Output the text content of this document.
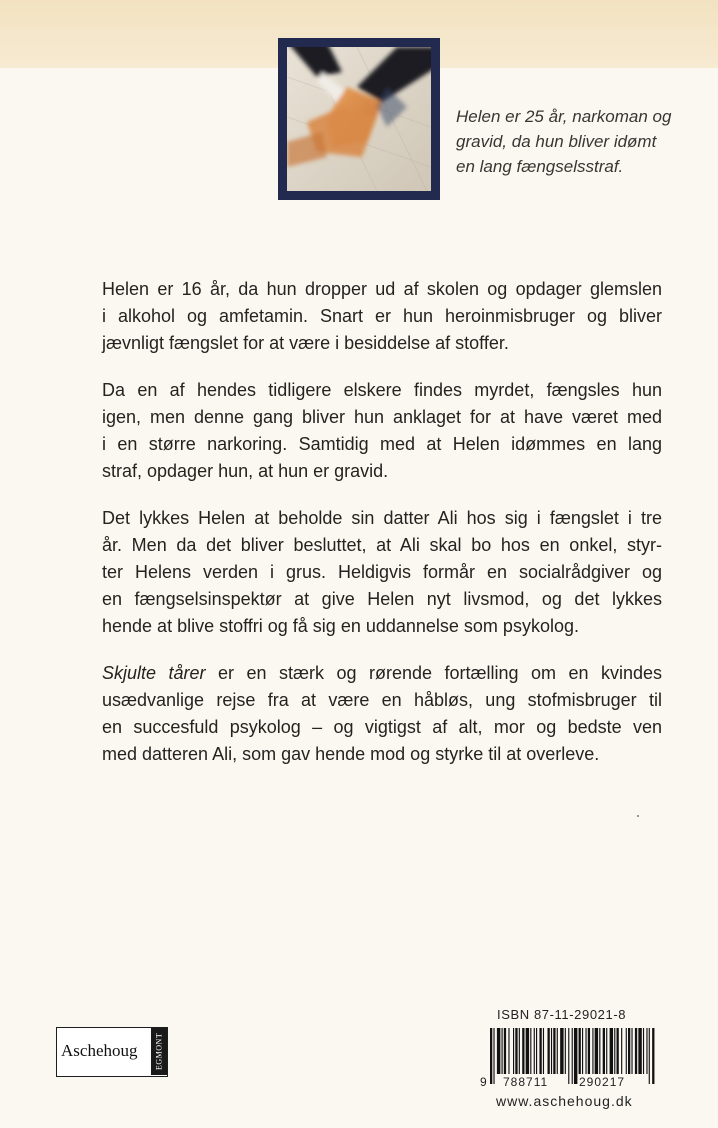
Helen er 25 år, narkoman og
gravid, da hun bliver idømt
en lang fængselsstraf.

Helen er 16 år, da hun dropper ud af skolen og opdager glemslen
i alkohol og amfetamin. Snart er hun heroinmisbruger og bliver
jævnligt fængslet for at være i besiddelse af stoffer.

Da en af hendes tidligere elskere findes myrdet, fængsles hun
igen, men denne gang bliver hun anklaget for at have været med
i en større narkoring. Samtidig med at Helen idømmes en lang
straf, opdager hun, at hun er gravid.

Det lykkes Helen at beholde sin datter Ali hos sig i fængslet i tre
år. Men da det bliver besluttet, at Ali skal bo hos en onkel, styr-
ter Helens verden i grus. Heldigvis formår en socialrådgiver og
en fængselsinspektør at give Helen nyt livsmod, og det lykkes
hende at blive stoffri og få sig en uddannelse som psykolog.

Skjulte tårer er en stærk og rørende fortælling om en kvindes
usædvanlige rejse fra at være en håbløs, ung stofmisbruger til
en succesfuld psykolog – og vigtigst af alt, mor og bedste ven
med datteren Ali, som gav hende mod og styrke til at overleve.

Aschehoug	EGMONT
ISBN 87-11-29021-8
9 788711	290217
www.aschehoug.dk
